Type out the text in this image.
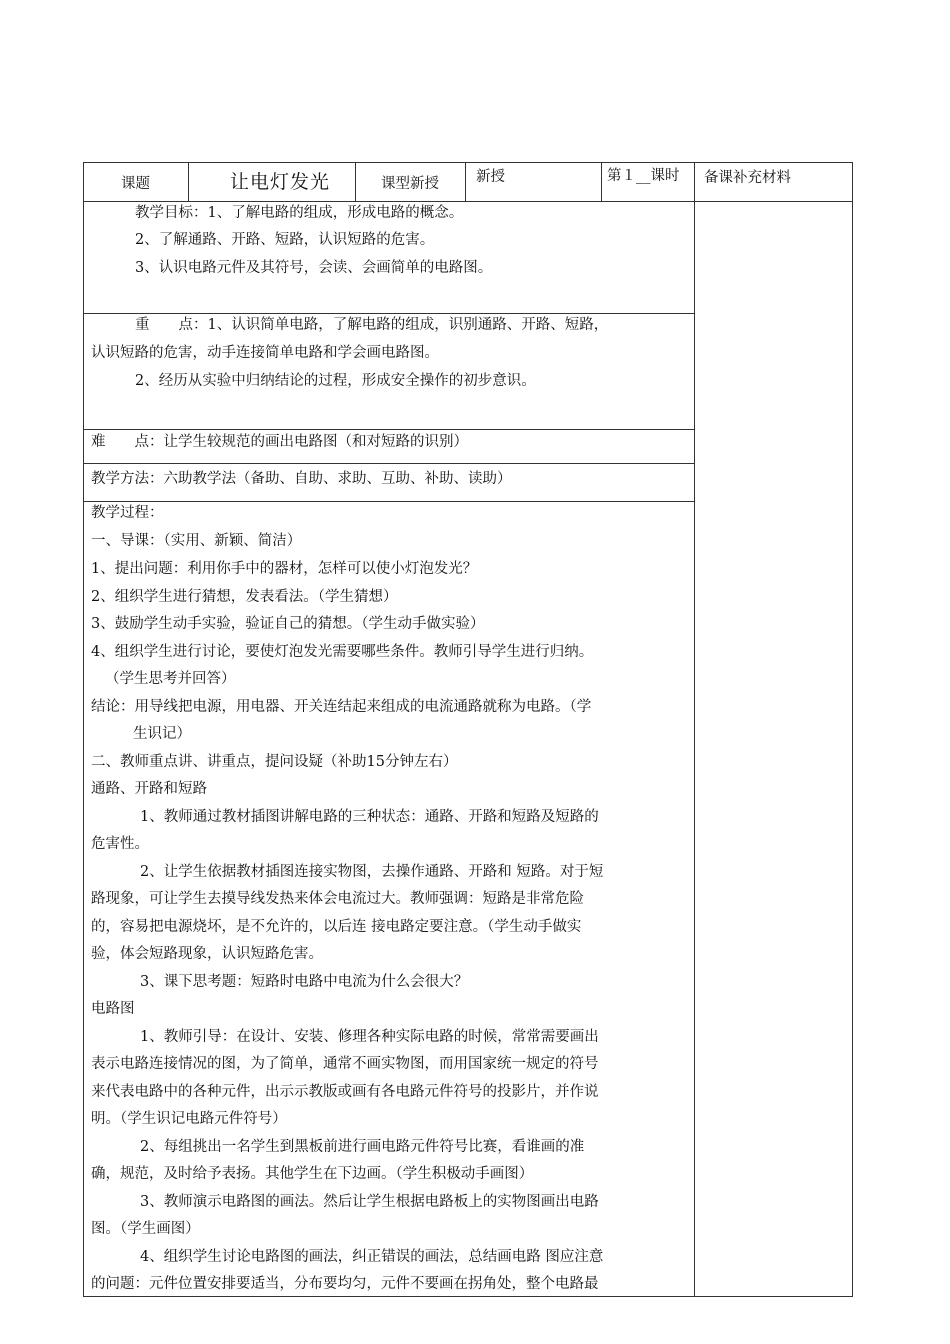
课题	让电灯发光	课型新授	新授	第１__课时 备课补充材料
教学目标：1、了解电路的组成，形成电路的概念。
2、了解通路、开路、短路，认识短路的危害。
3、认识电路元件及其符号，会读、会画简单的电路图。
重　　点：1、认识简单电路，了解电路的组成，识别通路、开路、短路，
认识短路的危害，动手连接简单电路和学会画电路图。
2、经历从实验中归纳结论的过程，形成安全操作的初步意识。
难　　点：让学生较规范的画出电路图（和对短路的识别）
教学方法：六助教学法（备助、自助、求助、互助、补助、读助）
教学过程：
一、导课：（实用、新颖、简洁）
1、提出问题：利用你手中的器材，怎样可以使小灯泡发光？
2、组织学生进行猜想，发表看法。（学生猜想）
3、鼓励学生动手实验，验证自己的猜想。（学生动手做实验）
4、组织学生进行讨论，要使灯泡发光需要哪些条件。教师引导学生进行归纳。
（学生思考并回答）
结论：用导线把电源，用电器、开关连结起来组成的电流通路就称为电路。（学
生识记）
二、教师重点讲、讲重点，提问设疑（补助15分钟左右）
通路、开路和短路
1、教师通过教材插图讲解电路的三种状态：通路、开路和短路及短路的
危害性。
2、让学生依据教材插图连接实物图，去操作通路、开路和 短路。对于短
路现象，可让学生去摸导线发热来体会电流过大。教师强调：短路是非常危险
的，容易把电源烧坏，是不允许的，以后连 接电路定要注意。（学生动手做实
验，体会短路现象，认识短路危害。
3、课下思考题：短路时电路中电流为什么会很大？
电路图
1、教师引导：在设计、安装、修理各种实际电路的时候，常常需要画出
表示电路连接情况的图，为了简单，通常不画实物图，而用国家统一规定的符号
来代表电路中的各种元件，出示示教版或画有各电路元件符号的投影片，并作说
明。（学生识记电路元件符号）
2、每组挑出一名学生到黑板前进行画电路元件符号比赛，看谁画的准
确，规范，及时给予表扬。其他学生在下边画。（学生积极动手画图）
3、教师演示电路图的画法。然后让学生根据电路板上的实物图画出电路
图。（学生画图）
4、组织学生讨论电路图的画法，纠正错误的画法，总结画电路 图应注意
的问题：元件位置安排要适当，分布要均匀，元件不要画在拐角处，整个电路最
